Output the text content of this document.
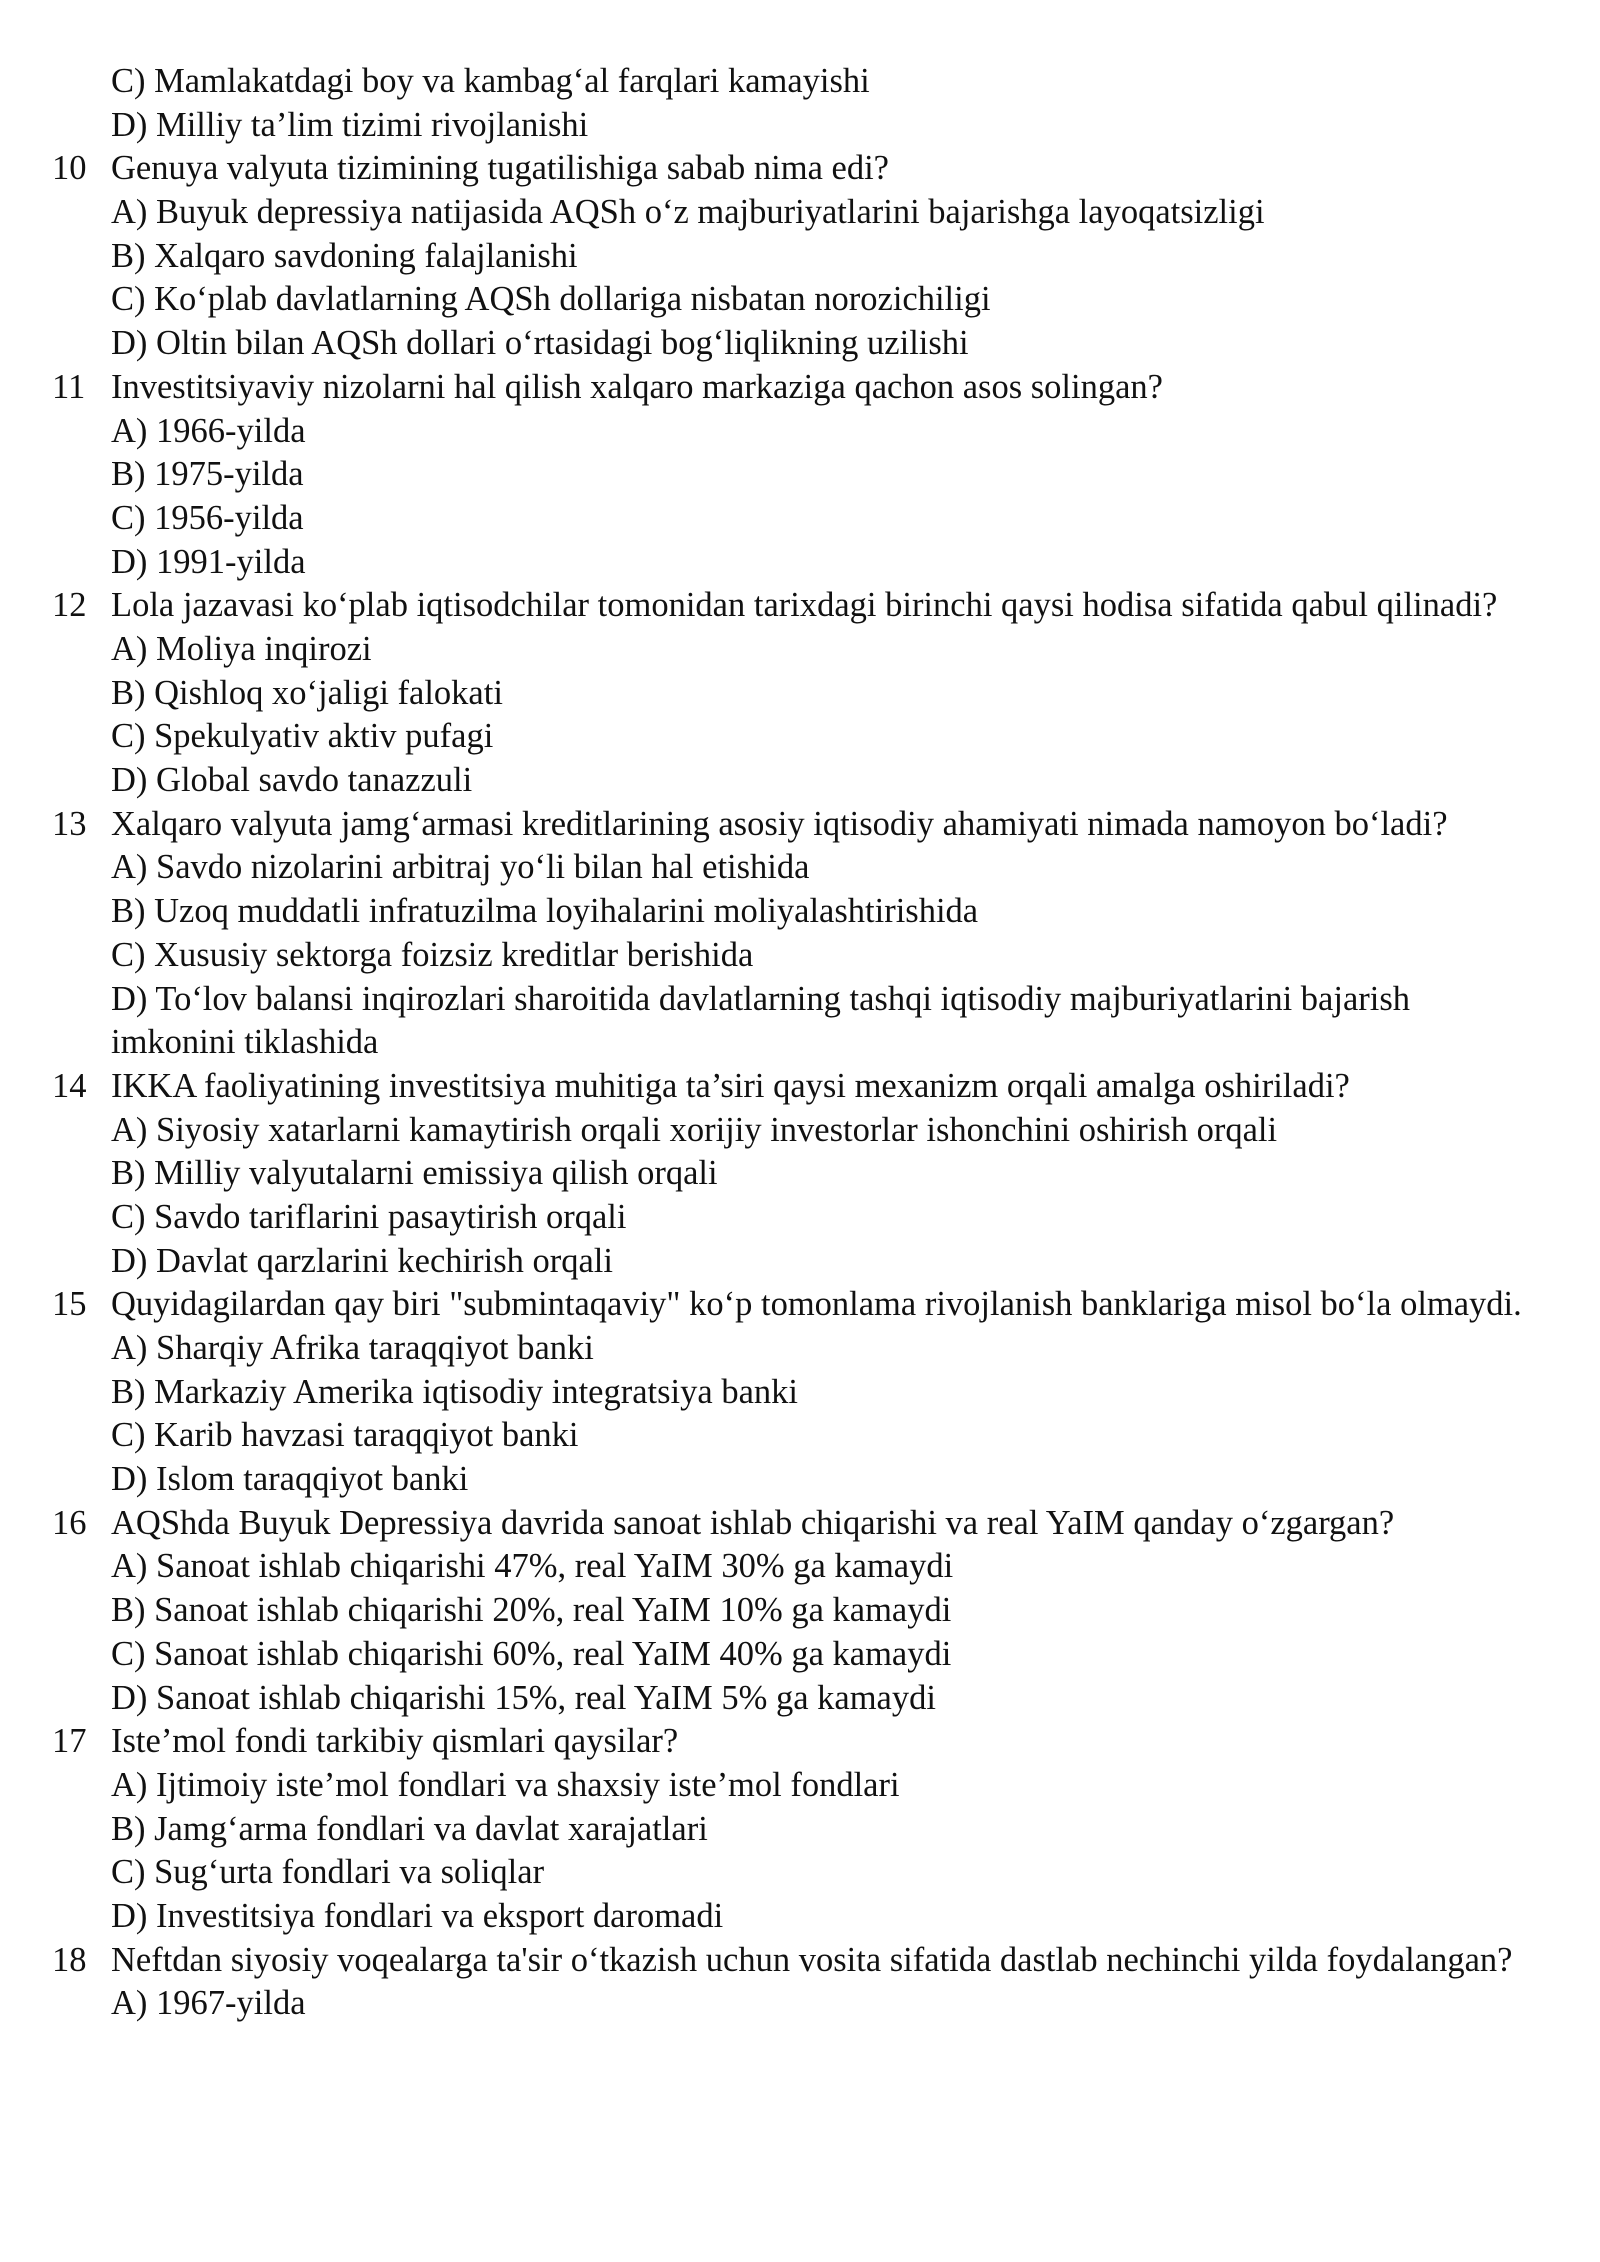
C) Mamlakatdagi boy va kambag‘al farqlari kamayishi
D) Milliy ta’lim tizimi rivojlanishi
10 Genuya valyuta tizimining tugatilishiga sabab nima edi?
A) Buyuk depressiya natijasida AQSh o‘z majburiyatlarini bajarishga layoqatsizligi
B) Xalqaro savdoning falajlanishi
C) Ko‘plab davlatlarning AQSh dollariga nisbatan norozichiligi
D) Oltin bilan AQSh dollari o‘rtasidagi bog‘liqlikning uzilishi
11 Investitsiyaviy nizolarni hal qilish xalqaro markaziga qachon asos solingan?
A) 1966-yilda
B) 1975-yilda
C) 1956-yilda
D) 1991-yilda
12 Lola jazavasi ko‘plab iqtisodchilar tomonidan tarixdagi birinchi qaysi hodisa sifatida qabul qilinadi?
A) Moliya inqirozi
B) Qishloq xo‘jaligi falokati
C) Spekulyativ aktiv pufagi
D) Global savdo tanazzuli
13 Xalqaro valyuta jamg‘armasi kreditlarining asosiy iqtisodiy ahamiyati nimada namoyon bo‘ladi?
A) Savdo nizolarini arbitraj yo‘li bilan hal etishida
B) Uzoq muddatli infratuzilma loyihalarini moliyalashtirishida
C) Xususiy sektorga foizsiz kreditlar berishida
D) To‘lov balansi inqirozlari sharoitida davlatlarning tashqi iqtisodiy majburiyatlarini bajarish
imkonini tiklashida
14 IKKA faoliyatining investitsiya muhitiga ta’siri qaysi mexanizm orqali amalga oshiriladi?
A) Siyosiy xatarlarni kamaytirish orqali xorijiy investorlar ishonchini oshirish orqali
B) Milliy valyutalarni emissiya qilish orqali
C) Savdo tariflarini pasaytirish orqali
D) Davlat qarzlarini kechirish orqali
15 Quyidagilardan qay biri "submintaqaviy" ko‘p tomonlama rivojlanish banklariga misol bo‘la olmaydi.
A) Sharqiy Afrika taraqqiyot banki
B) Markaziy Amerika iqtisodiy integratsiya banki
C) Karib havzasi taraqqiyot banki
D) Islom taraqqiyot banki
16 AQShda Buyuk Depressiya davrida sanoat ishlab chiqarishi va real YaIM qanday o‘zgargan?
A) Sanoat ishlab chiqarishi 47%, real YaIM 30% ga kamaydi
B) Sanoat ishlab chiqarishi 20%, real YaIM 10% ga kamaydi
C) Sanoat ishlab chiqarishi 60%, real YaIM 40% ga kamaydi
D) Sanoat ishlab chiqarishi 15%, real YaIM 5% ga kamaydi
17 Iste’mol fondi tarkibiy qismlari qaysilar?
A) Ijtimoiy iste’mol fondlari va shaxsiy iste’mol fondlari
B) Jamg‘arma fondlari va davlat xarajatlari
C) Sug‘urta fondlari va soliqlar
D) Investitsiya fondlari va eksport daromadi
18 Neftdan siyosiy voqealarga ta'sir o‘tkazish uchun vosita sifatida dastlab nechinchi yilda foydalangan?
A) 1967-yilda
